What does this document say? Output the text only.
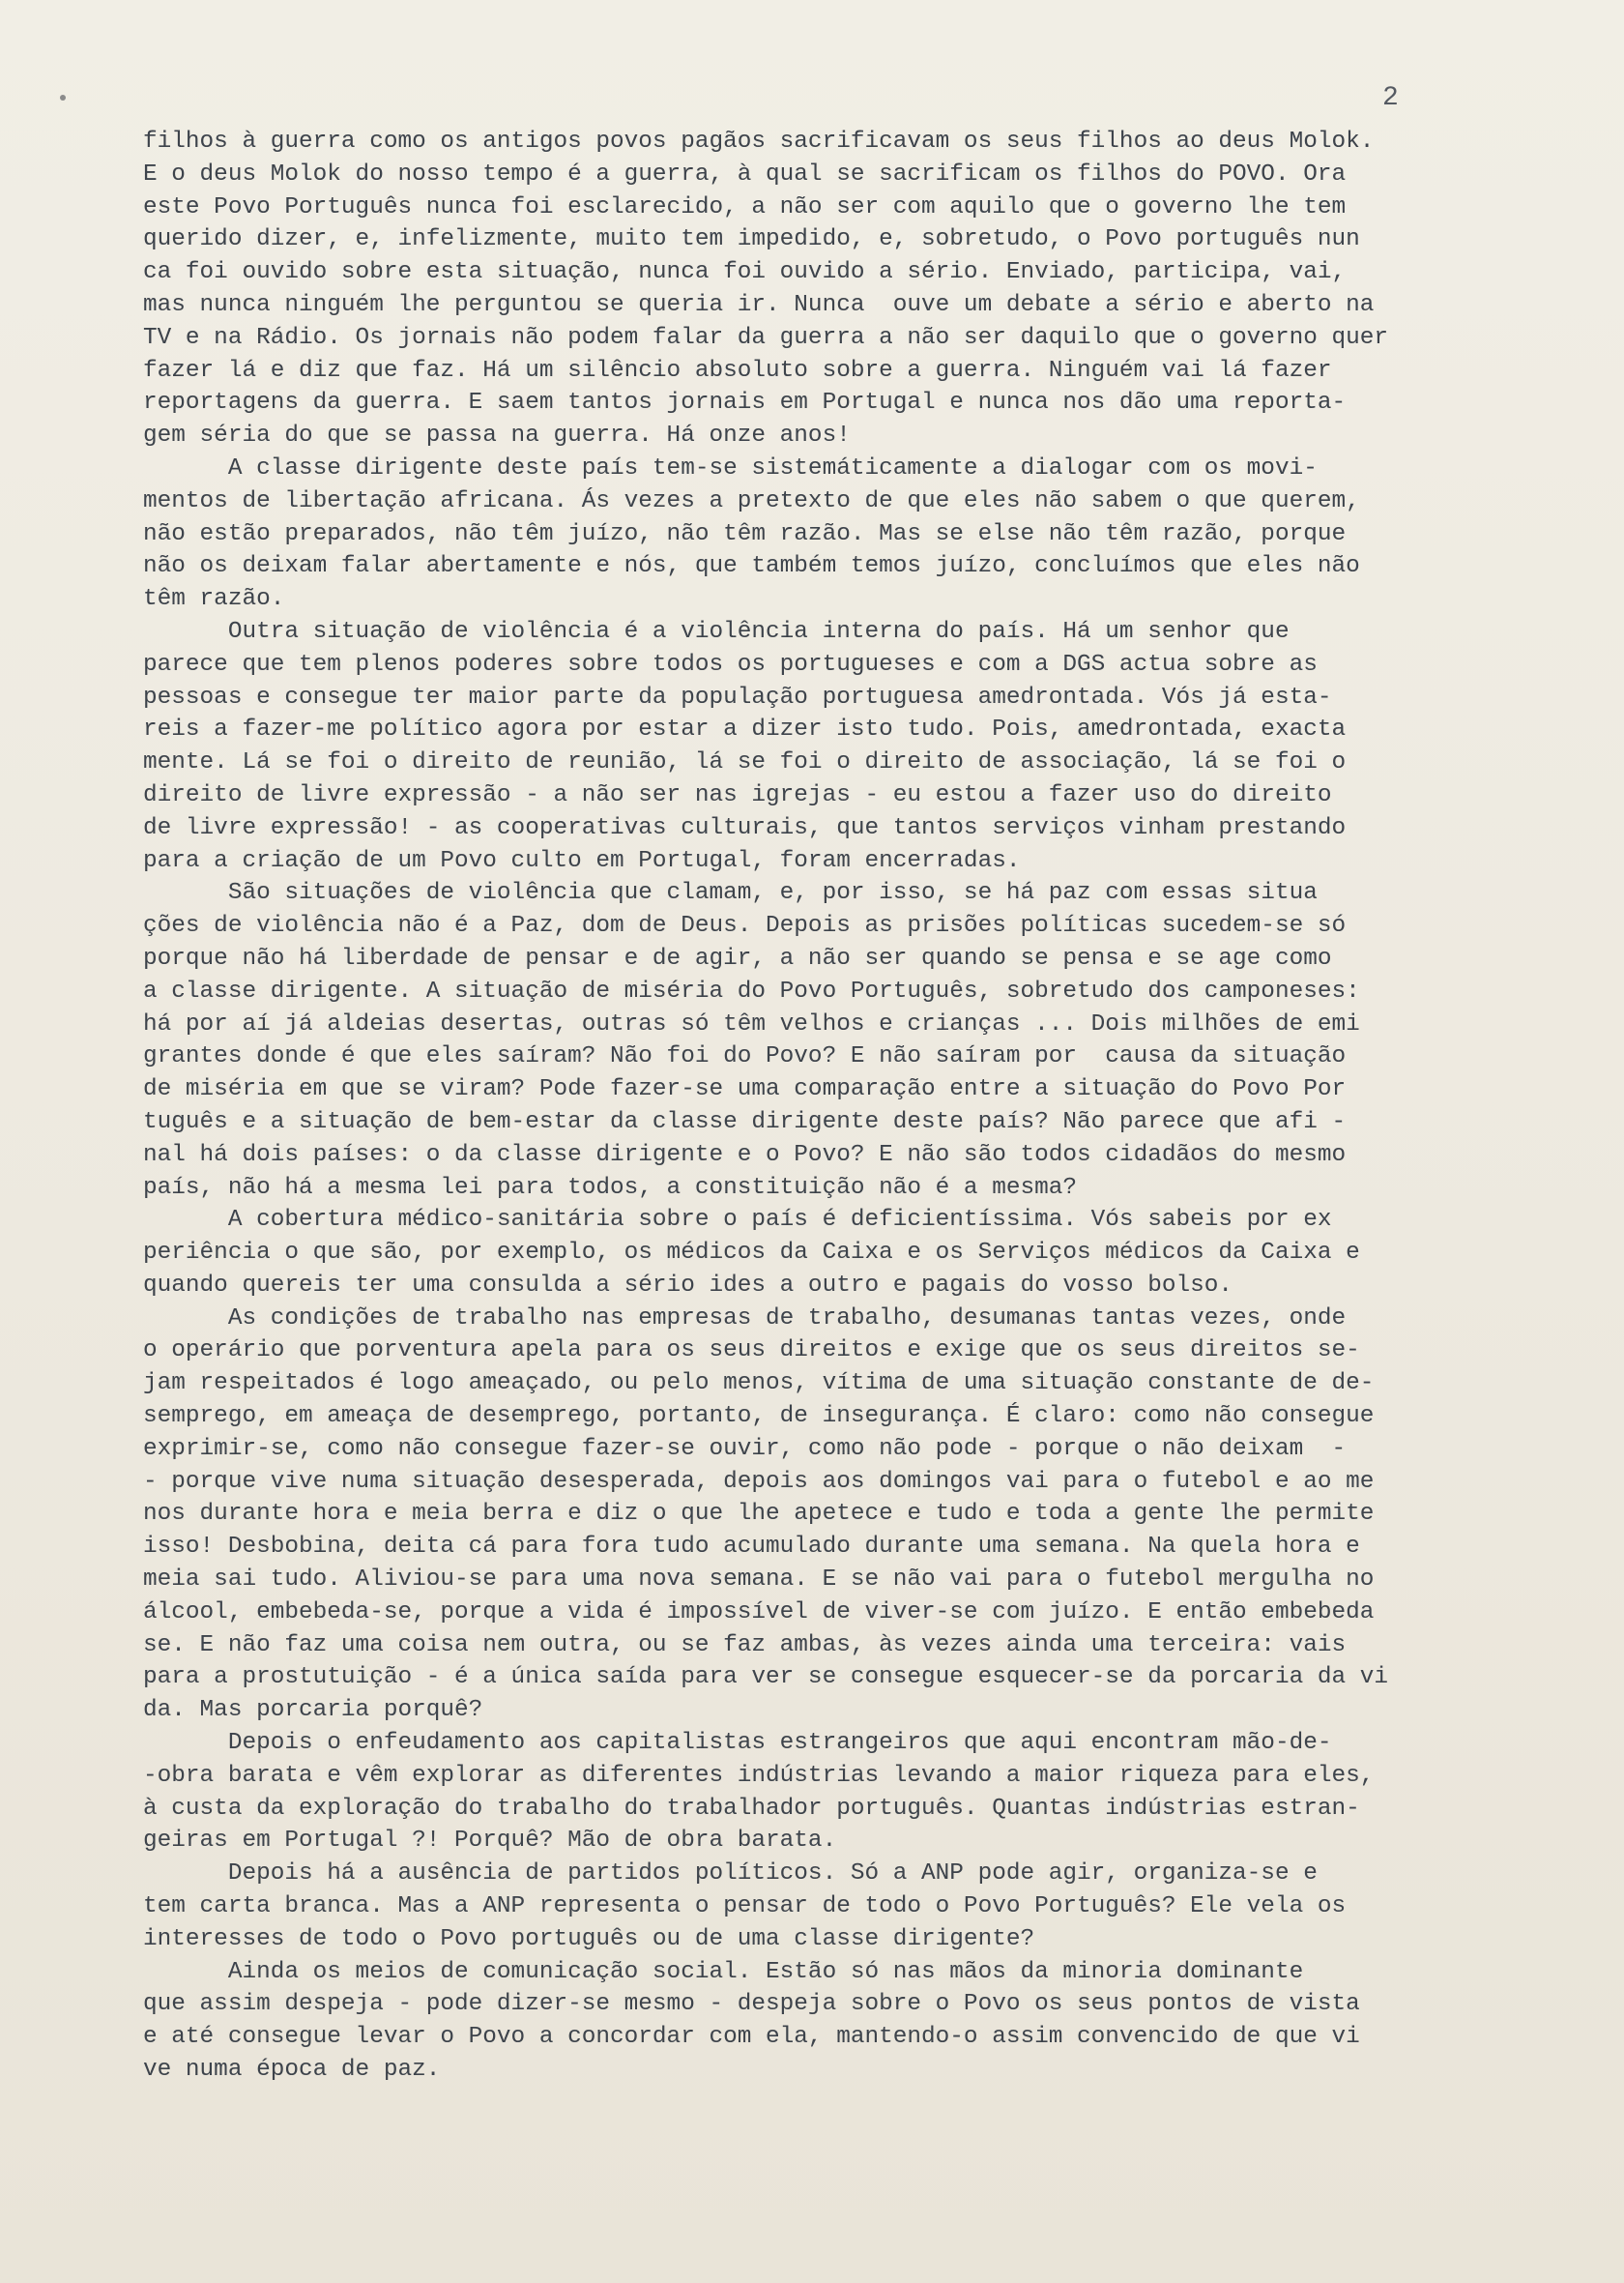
2
filhos à guerra como os antigos povos pagãos sacrificavam os seus filhos ao deus Molok.
E o deus Molok do nosso tempo é a guerra, à qual se sacrificam os filhos do POVO. Ora
este Povo Português nunca foi esclarecido, a não ser com aquilo que o governo lhe tem
querido dizer, e, infelizmente, muito tem impedido, e, sobretudo, o Povo português nun
ca foi ouvido sobre esta situação, nunca foi ouvido a sério. Enviado, participa, vai,
mas nunca ninguém lhe perguntou se queria ir. Nunca  ouve um debate a sério e aberto na
TV e na Rádio. Os jornais não podem falar da guerra a não ser daquilo que o governo quer
fazer lá e diz que faz. Há um silêncio absoluto sobre a guerra. Ninguém vai lá fazer
reportagens da guerra. E saem tantos jornais em Portugal e nunca nos dão uma reporta-
gem séria do que se passa na guerra. Há onze anos!
A classe dirigente deste país tem-se sistemáticamente a dialogar com os movi-
mentos de libertação africana. Ás vezes a pretexto de que eles não sabem o que querem,
não estão preparados, não têm juízo, não têm razão. Mas se else não têm razão, porque
não os deixam falar abertamente e nós, que também temos juízo, concluímos que eles não
têm razão.
Outra situação de violência é a violência interna do país. Há um senhor que
parece que tem plenos poderes sobre todos os portugueses e com a DGS actua sobre as
pessoas e consegue ter maior parte da população portuguesa amedrontada. Vós já esta-
reis a fazer-me político agora por estar a dizer isto tudo. Pois, amedrontada, exacta
mente. Lá se foi o direito de reunião, lá se foi o direito de associação, lá se foi o
direito de livre expressão - a não ser nas igrejas - eu estou a fazer uso do direito
de livre expressão! - as cooperativas culturais, que tantos serviços vinham prestando
para a criação de um Povo culto em Portugal, foram encerradas.
São situações de violência que clamam, e, por isso, se há paz com essas situa
ções de violência não é a Paz, dom de Deus. Depois as prisões políticas sucedem-se só
porque não há liberdade de pensar e de agir, a não ser quando se pensa e se age como
a classe dirigente. A situação de miséria do Povo Português, sobretudo dos camponeses:
há por aí já aldeias desertas, outras só têm velhos e crianças ... Dois milhões de emi
grantes donde é que eles saíram? Não foi do Povo? E não saíram por  causa da situação
de miséria em que se viram? Pode fazer-se uma comparação entre a situação do Povo Por
tuguês e a situação de bem-estar da classe dirigente deste país? Não parece que afi -
nal há dois países: o da classe dirigente e o Povo? E não são todos cidadãos do mesmo
país, não há a mesma lei para todos, a constituição não é a mesma?
A cobertura médico-sanitária sobre o país é deficientíssima. Vós sabeis por ex
periência o que são, por exemplo, os médicos da Caixa e os Serviços médicos da Caixa e
quando quereis ter uma consulda a sério ides a outro e pagais do vosso bolso.
As condições de trabalho nas empresas de trabalho, desumanas tantas vezes, onde
o operário que porventura apela para os seus direitos e exige que os seus direitos se-
jam respeitados é logo ameaçado, ou pelo menos, vítima de uma situação constante de de-
semprego, em ameaça de desemprego, portanto, de insegurança. É claro: como não consegue
exprimir-se, como não consegue fazer-se ouvir, como não pode - porque o não deixam  -
- porque vive numa situação desesperada, depois aos domingos vai para o futebol e ao me
nos durante hora e meia berra e diz o que lhe apetece e tudo e toda a gente lhe permite
isso! Desbobina, deita cá para fora tudo acumulado durante uma semana. Na quela hora e
meia sai tudo. Aliviou-se para uma nova semana. E se não vai para o futebol mergulha no
álcool, embebeda-se, porque a vida é impossível de viver-se com juízo. E então embebeda
se. E não faz uma coisa nem outra, ou se faz ambas, às vezes ainda uma terceira: vais
para a prostutuição - é a única saída para ver se consegue esquecer-se da porcaria da vi
da. Mas porcaria porquê?
Depois o enfeudamento aos capitalistas estrangeiros que aqui encontram mão-de-
-obra barata e vêm explorar as diferentes indústrias levando a maior riqueza para eles,
à custa da exploração do trabalho do trabalhador português. Quantas indústrias estran-
geiras em Portugal ?! Porquê? Mão de obra barata.
Depois há a ausência de partidos políticos. Só a ANP pode agir, organiza-se e
tem carta branca. Mas a ANP representa o pensar de todo o Povo Português? Ele vela os
interesses de todo o Povo português ou de uma classe dirigente?
Ainda os meios de comunicação social. Estão só nas mãos da minoria dominante
que assim despeja - pode dizer-se mesmo - despeja sobre o Povo os seus pontos de vista
e até consegue levar o Povo a concordar com ela, mantendo-o assim convencido de que vi
ve numa época de paz.
